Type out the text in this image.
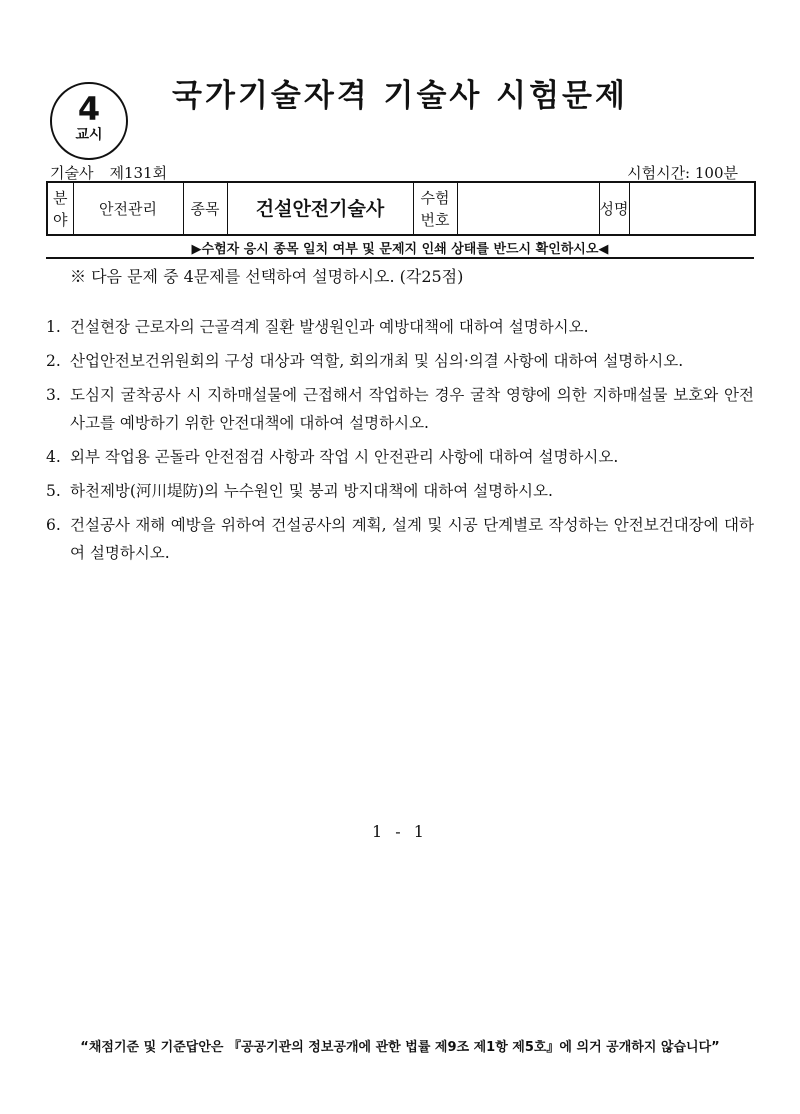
4
교시
국가기술자격 기술사 시험문제
기술사 제131회	시험시간: 100분
분야	안전관리	종목	건설안전기술사	수험번호		성명	
▶수험자 응시 종목 일치 여부 및 문제지 인쇄 상태를 반드시 확인하시오◀
※ 다음 문제 중 4문제를 선택하여 설명하시오. (각25점)
1. 건설현장 근로자의 근골격계 질환 발생원인과 예방대책에 대하여 설명하시오.
2. 산업안전보건위원회의 구성 대상과 역할, 회의개최 및 심의·의결 사항에 대하여 설명하시오.
3. 도심지 굴착공사 시 지하매설물에 근접해서 작업하는 경우 굴착 영향에 의한 지하매설물 보호와 안전사고를 예방하기 위한 안전대책에 대하여 설명하시오.
4. 외부 작업용 곤돌라 안전점검 사항과 작업 시 안전관리 사항에 대하여 설명하시오.
5. 하천제방(河川堤防)의 누수원인 및 붕괴 방지대책에 대하여 설명하시오.
6. 건설공사 재해 예방을 위하여 건설공사의 계획, 설계 및 시공 단계별로 작성하는 안전보건대장에 대하여 설명하시오.
1 - 1
“채점기준 및 기준답안은 『공공기관의 정보공개에 관한 법률 제9조 제1항 제5호』에 의거 공개하지 않습니다”
